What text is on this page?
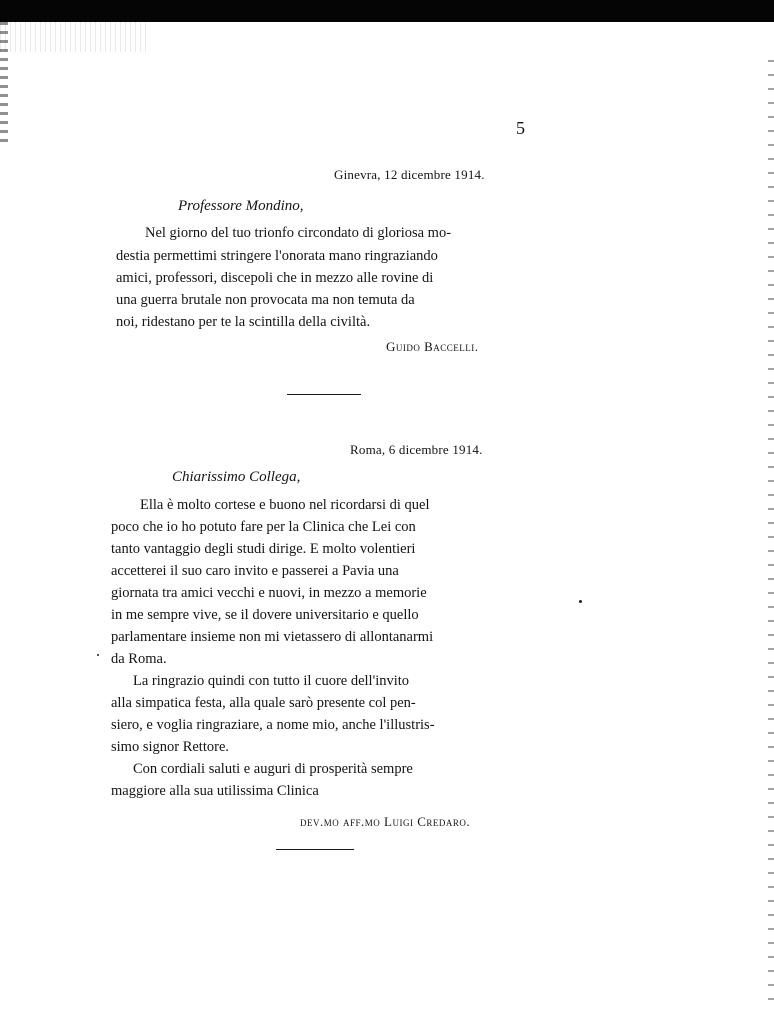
5
Ginevra, 12 dicembre 1914.
Professore Mondino,
Nel giorno del tuo trionfo circondato di gloriosa mo-
destia permettimi stringere l'onorata mano ringraziando
amici, professori, discepoli che in mezzo alle rovine di
una guerra brutale non provocata ma non temuta da
noi, ridestano per te la scintilla della civiltà.
Guido Baccelli.
Roma, 6 dicembre 1914.
Chiarissimo Collega,
Ella è molto cortese e buono nel ricordarsi di quel
poco che io ho potuto fare per la Clinica che Lei con
tanto vantaggio degli studi dirige. E molto volentieri
accetterei il suo caro invito e passerei a Pavia una
giornata tra amici vecchi e nuovi, in mezzo a memorie
in me sempre vive, se il dovere universitario e quello
parlamentare insieme non mi vietassero di allontanarmi
da Roma.
La ringrazio quindi con tutto il cuore dell'invito
alla simpatica festa, alla quale sarò presente col pen-
siero, e voglia ringraziare, a nome mio, anche l'illustris-
simo signor Rettore.
Con cordiali saluti e auguri di prosperità sempre
maggiore alla sua utilissima Clinica
dev.mo aff.mo Luigi Credaro.
